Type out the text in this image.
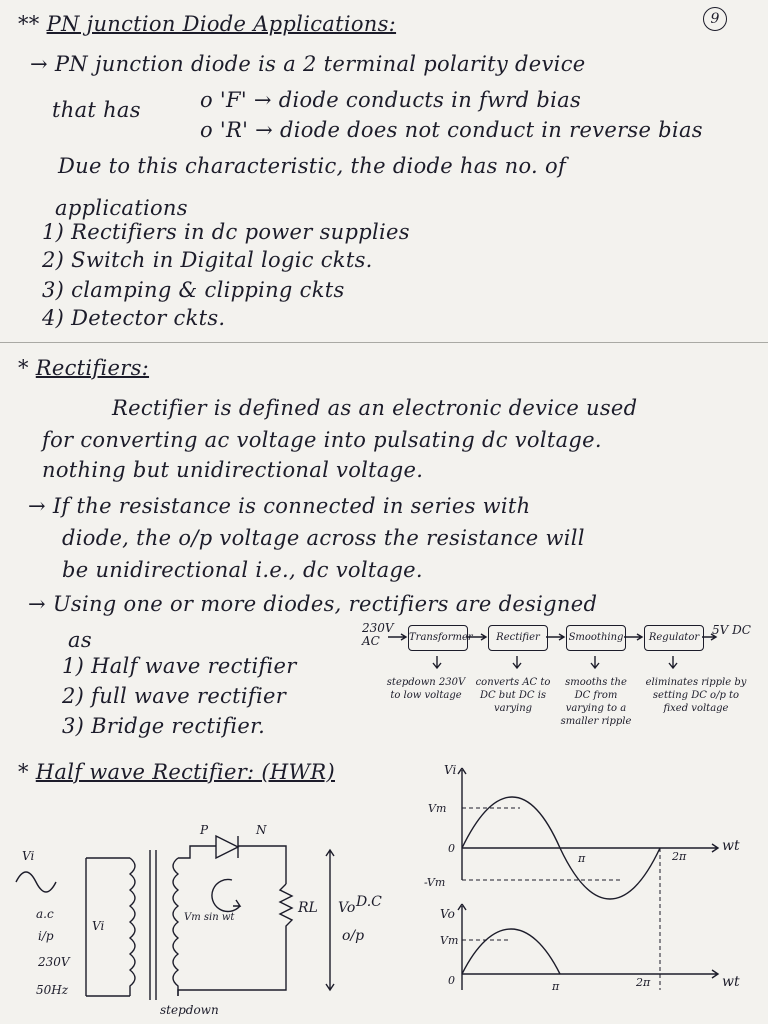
9
** PN junction Diode Applications:
→ PN junction diode is a 2 terminal polarity device
that has	o 'F' → diode conducts in fwrd bias
o 'R' → diode does not conduct in reverse bias
Due to this characteristic, the diode has no. of
applications
1) Rectifiers in dc power supplies
2) Switch in Digital logic ckts.
3) clamping & clipping ckts
4) Detector ckts.
* Rectifiers:
Rectifier is defined as an electronic device used
for converting ac voltage into pulsating dc voltage.
nothing but unidirectional voltage.
→ If the resistance is connected in series with
diode, the o/p voltage across the resistance will
be unidirectional i.e., dc voltage.
→ Using one or more diodes, rectifiers are designed
as
1) Half wave rectifier
2) full wave rectifier
3) Bridge rectifier.
230V AC	Transformer	Rectifier	Smoothing	Regulator
5V DC
stepdown 230V to low voltage
converts AC to DC but DC is varying
smooths the DC from varying to a smaller ripple
eliminates ripple by setting DC o/p to fixed voltage
* Half wave Rectifier: (HWR)
stepdown
Vi
a.c
i/p
230V
50Hz
Vi
Vm sin wt
P	N
RL Vo D.C
o/p
Vi
Vm
-Vm
0
π	2π
wt
Vo
Vm
0	π	2π	wt
